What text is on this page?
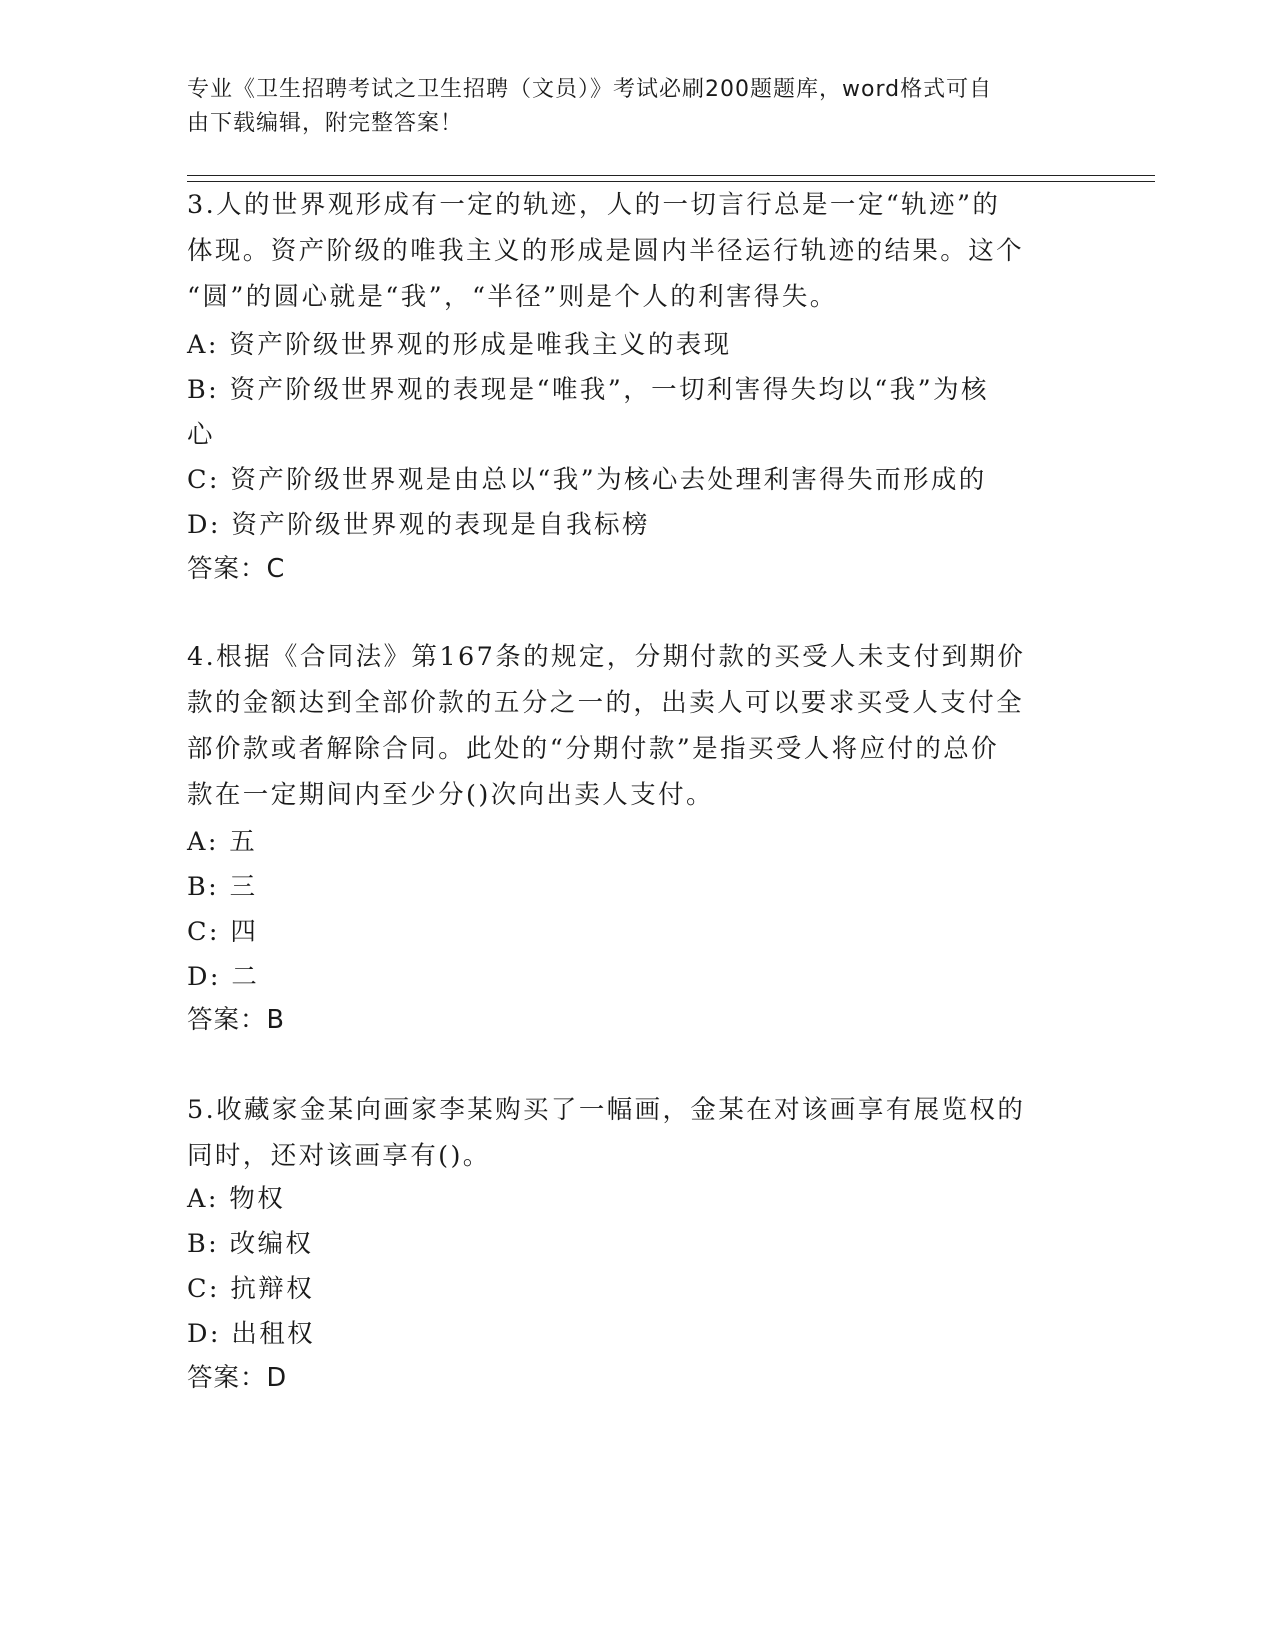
专业《卫生招聘考试之卫生招聘（文员）》考试必刷200题题库，word格式可自
由下载编辑，附完整答案！
3.人的世界观形成有一定的轨迹，人的一切言行总是一定“轨迹”的
体现。资产阶级的唯我主义的形成是圆内半径运行轨迹的结果。这个
“圆”的圆心就是“我”，“半径”则是个人的利害得失。
A: 资产阶级世界观的形成是唯我主义的表现
B: 资产阶级世界观的表现是“唯我”，一切利害得失均以“我”为核
心
C: 资产阶级世界观是由总以“我”为核心去处理利害得失而形成的
D: 资产阶级世界观的表现是自我标榜
答案：C
4.根据《合同法》第167条的规定，分期付款的买受人未支付到期价
款的金额达到全部价款的五分之一的，出卖人可以要求买受人支付全
部价款或者解除合同。此处的“分期付款”是指买受人将应付的总价
款在一定期间内至少分()次向出卖人支付。
A: 五
B: 三
C: 四
D: 二
答案：B
5.收藏家金某向画家李某购买了一幅画，金某在对该画享有展览权的
同时，还对该画享有()。
A: 物权
B: 改编权
C: 抗辩权
D: 出租权
答案：D
